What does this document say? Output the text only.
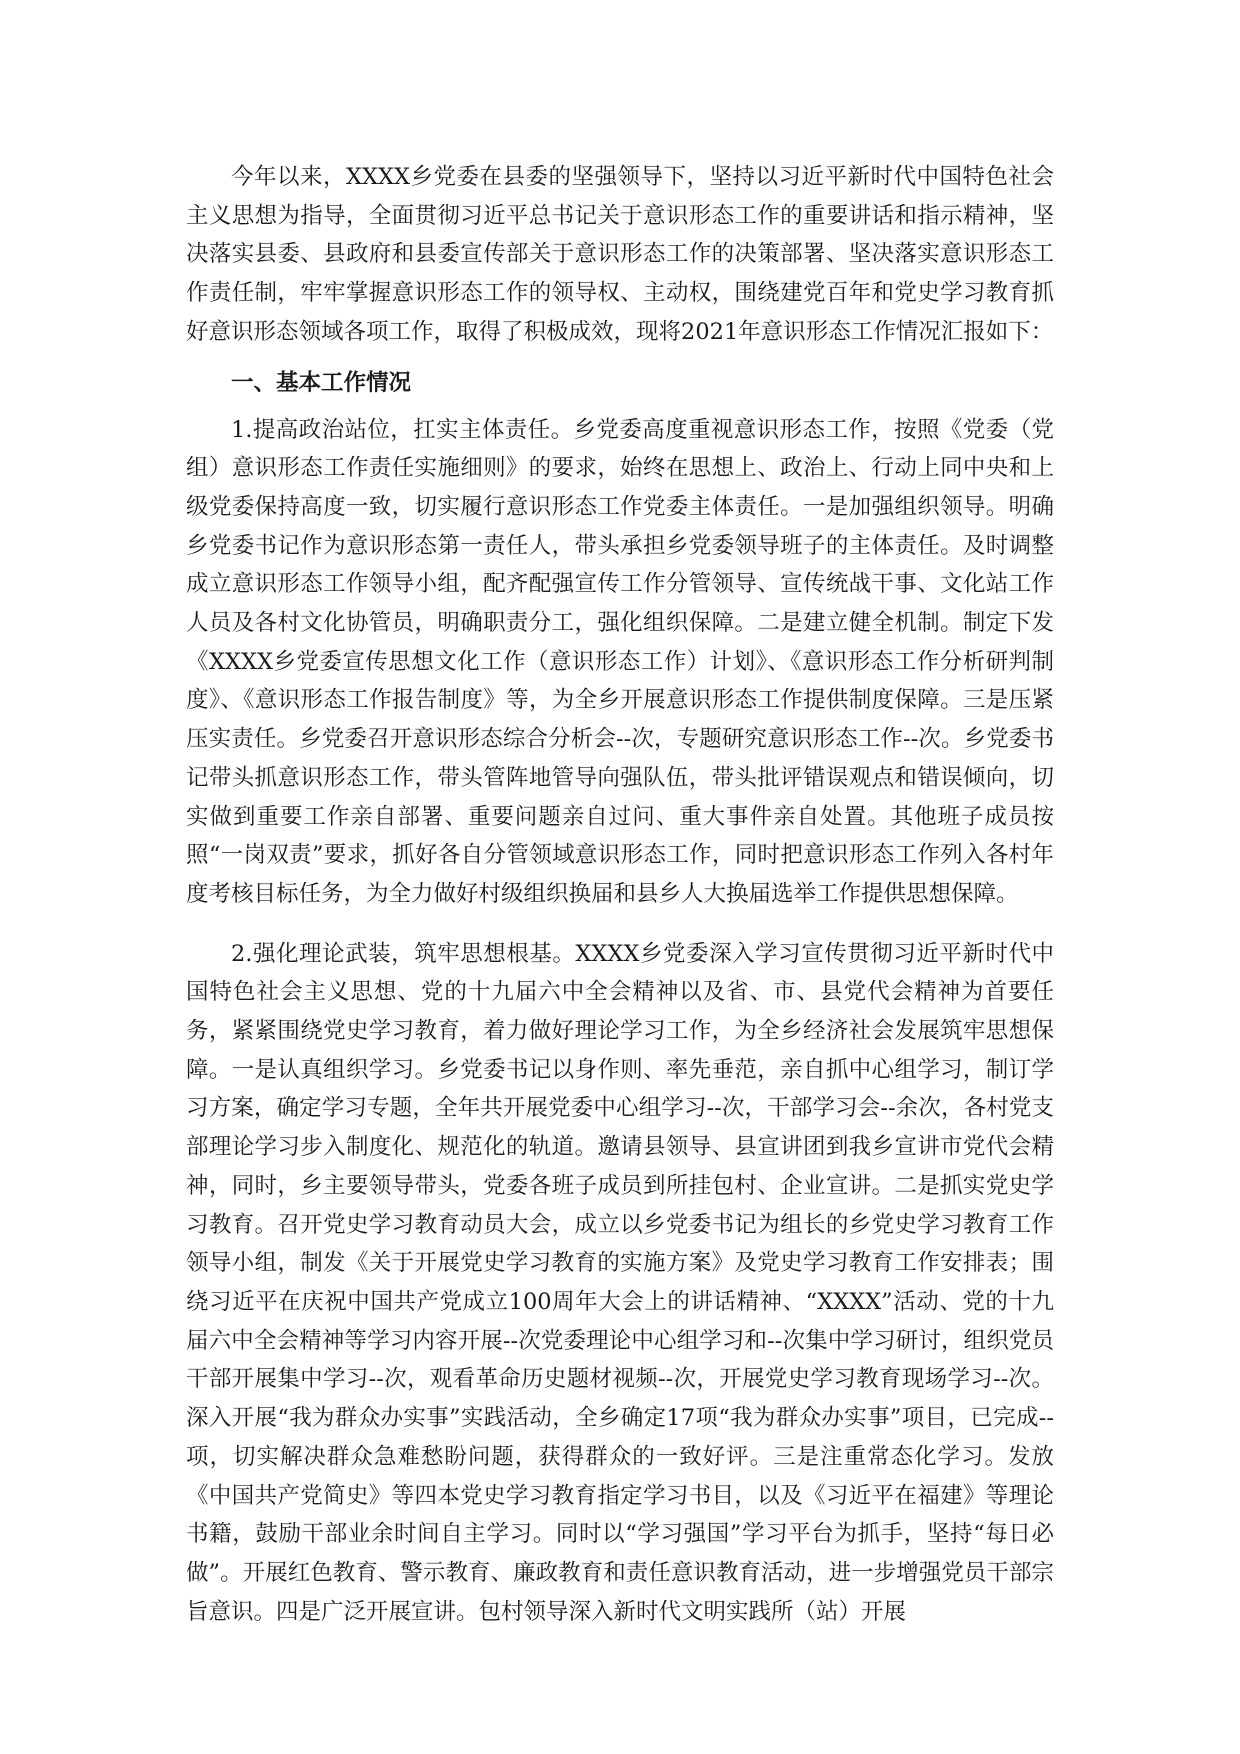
今年以来，XXXX乡党委在县委的坚强领导下，坚持以习近平新时代中国特色社会主义思想为指导，全面贯彻习近平总书记关于意识形态工作的重要讲话和指示精神，坚决落实县委、县政府和县委宣传部关于意识形态工作的决策部署、坚决落实意识形态工作责任制，牢牢掌握意识形态工作的领导权、主动权，围绕建党百年和党史学习教育抓好意识形态领域各项工作，取得了积极成效，现将2021年意识形态工作情况汇报如下：

一、基本工作情况

1.提高政治站位，扛实主体责任。乡党委高度重视意识形态工作，按照《党委（党组）意识形态工作责任实施细则》的要求，始终在思想上、政治上、行动上同中央和上级党委保持高度一致，切实履行意识形态工作党委主体责任。一是加强组织领导。明确乡党委书记作为意识形态第一责任人，带头承担乡党委领导班子的主体责任。及时调整成立意识形态工作领导小组，配齐配强宣传工作分管领导、宣传统战干事、文化站工作人员及各村文化协管员，明确职责分工，强化组织保障。二是建立健全机制。制定下发《XXXX乡党委宣传思想文化工作（意识形态工作）计划》、《意识形态工作分析研判制度》、《意识形态工作报告制度》等，为全乡开展意识形态工作提供制度保障。三是压紧压实责任。乡党委召开意识形态综合分析会--次，专题研究意识形态工作--次。乡党委书记带头抓意识形态工作，带头管阵地管导向强队伍，带头批评错误观点和错误倾向，切实做到重要工作亲自部署、重要问题亲自过问、重大事件亲自处置。其他班子成员按照“一岗双责”要求，抓好各自分管领域意识形态工作，同时把意识形态工作列入各村年度考核目标任务，为全力做好村级组织换届和县乡人大换届选举工作提供思想保障。

2.强化理论武装，筑牢思想根基。XXXX乡党委深入学习宣传贯彻习近平新时代中国特色社会主义思想、党的十九届六中全会精神以及省、市、县党代会精神为首要任务，紧紧围绕党史学习教育，着力做好理论学习工作，为全乡经济社会发展筑牢思想保障。一是认真组织学习。乡党委书记以身作则、率先垂范，亲自抓中心组学习，制订学习方案，确定学习专题，全年共开展党委中心组学习--次，干部学习会--余次，各村党支部理论学习步入制度化、规范化的轨道。邀请县领导、县宣讲团到我乡宣讲市党代会精神，同时，乡主要领导带头，党委各班子成员到所挂包村、企业宣讲。二是抓实党史学习教育。召开党史学习教育动员大会，成立以乡党委书记为组长的乡党史学习教育工作领导小组，制发《关于开展党史学习教育的实施方案》及党史学习教育工作安排表；围绕习近平在庆祝中国共产党成立100周年大会上的讲话精神、“XXXX”活动、党的十九届六中全会精神等学习内容开展--次党委理论中心组学习和--次集中学习研讨，组织党员干部开展集中学习--次，观看革命历史题材视频--次，开展党史学习教育现场学习--次。深入开展“我为群众办实事”实践活动，全乡确定17项“我为群众办实事”项目，已完成--项，切实解决群众急难愁盼问题，获得群众的一致好评。三是注重常态化学习。发放《中国共产党简史》等四本党史学习教育指定学习书目，以及《习近平在福建》等理论书籍，鼓励干部业余时间自主学习。同时以“学习强国”学习平台为抓手，坚持“每日必做”。开展红色教育、警示教育、廉政教育和责任意识教育活动，进一步增强党员干部宗旨意识。四是广泛开展宣讲。包村领导深入新时代文明实践所（站）开展
